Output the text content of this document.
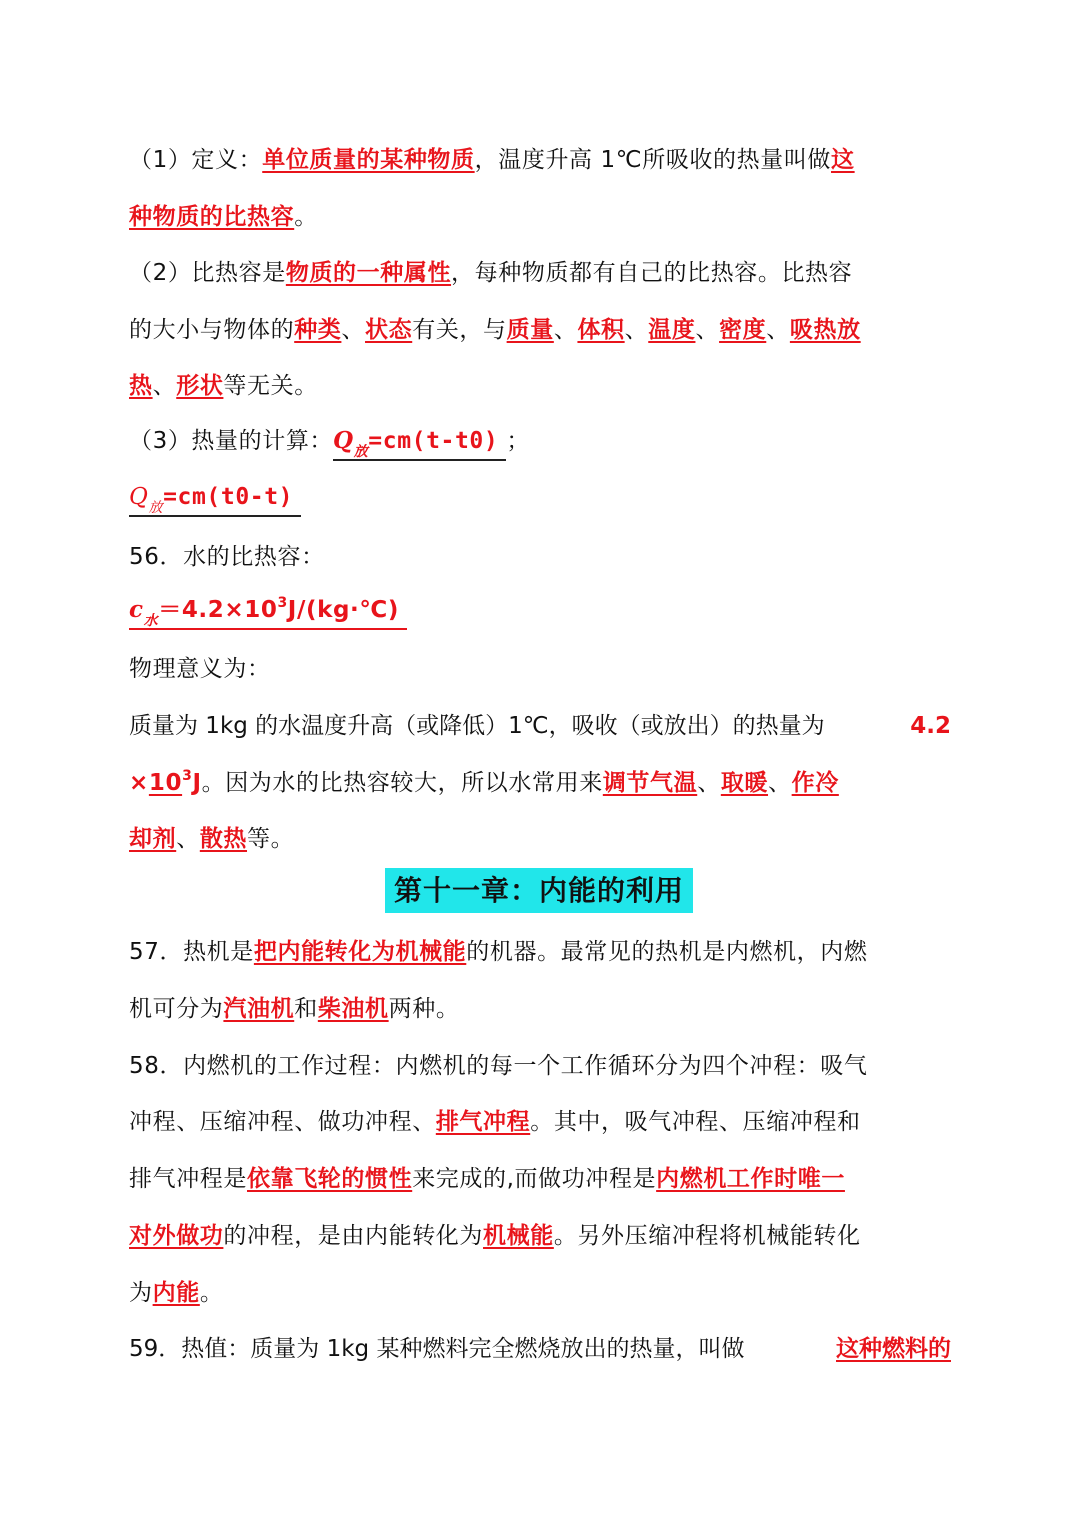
（1）定义：单位质量的某种物质，温度升高 1℃所吸收的热量叫做这
种物质的比热容。
（2）比热容是物质的一种属性，每种物质都有自己的比热容。比热容
的大小与物体的种类、状态有关，与质量、体积、温度、密度、吸热放
热、形状等无关。
（3）热量的计算：$Q_放=cm(t-t0)$ ；
$Q_放=cm(t0-t)$
56．水的比热容：
$c_水=4.2\times 10^3J/(kg\cdot℃)$
物理意义为：
质量为 1kg 的水温度升高（或降低）1℃，吸收（或放出）的热量为	4.2
$\times 10^3J$。因为水的比热容较大，所以水常用来调节气温、取暖、作冷
却剂、散热等。
第十一章：内能的利用
57．热机是把内能转化为机械能的机器。最常见的热机是内燃机，内燃
机可分为汽油机和柴油机两种。
58．内燃机的工作过程：内燃机的每一个工作循环分为四个冲程：吸气
冲程、压缩冲程、做功冲程、排气冲程。其中，吸气冲程、压缩冲程和
排气冲程是依靠飞轮的惯性来完成的,而做功冲程是内燃机工作时唯一
对外做功的冲程，是由内能转化为机械能。另外压缩冲程将机械能转化
为内能。
59．热值：质量为 1kg 某种燃料完全燃烧放出的热量，叫做	这种燃料的
